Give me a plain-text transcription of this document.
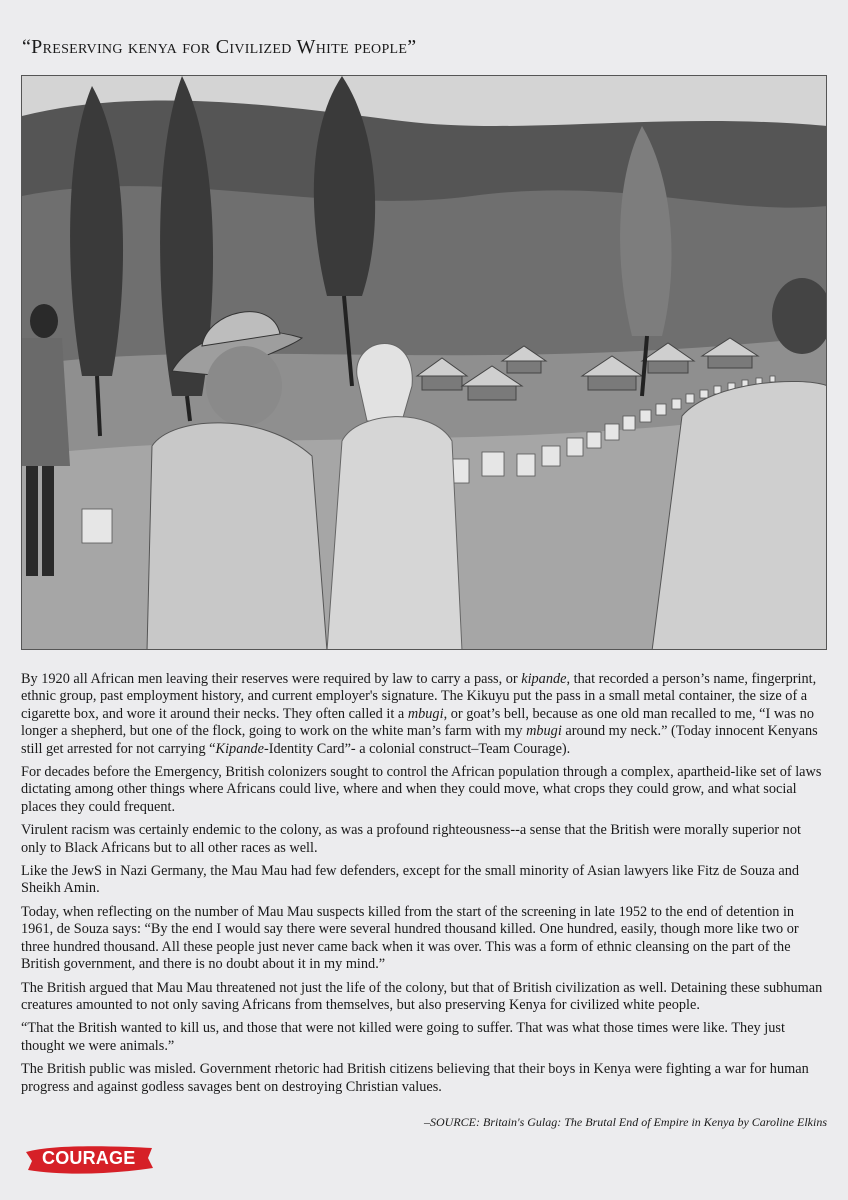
“Preserving kenya for Civilized White people”

By 1920 all African men leaving their reserves were required by law to carry a pass, or kipande, that recorded a person’s name, fingerprint, ethnic group, past employment history, and current employer's signature. The Kikuyu put the pass in a small metal container, the size of a cigarette box, and wore it around their necks. They often called it a mbugi, or goat’s bell, because as one old man recalled to me, “I was no longer a shepherd, but one of the flock, going to work on the white man’s farm with my mbugi around my neck.” (Today innocent Kenyans still get arrested for not carrying “Kipande-Identity Card”- a colonial construct–Team Courage).

For decades before the Emergency, British colonizers sought to control the African population through a complex, apartheid-like set of laws dictating among other things where Africans could live, where and when they could move, what crops they could grow, and what social places they could frequent.

Virulent racism was certainly endemic to the colony, as was a profound righteousness--a sense that the British were morally superior not only to Black Africans but to all other races as well.

Like the JewS in Nazi Germany, the Mau Mau had few defenders, except for the small minority of Asian lawyers like Fitz de Souza and Sheikh Amin.

Today, when reflecting on the number of Mau Mau suspects killed from the start of the screening in late 1952 to the end of detention in 1961, de Souza says: “By the end I would say there were several hundred thousand killed. One hundred, easily, though more like two or three hundred thousand. All these people just never came back when it was over. This was a form of ethnic cleansing on the part of the British government, and there is no doubt about it in my mind.”

The British argued that Mau Mau threatened not just the life of the colony, but that of British civilization as well. Detaining these subhuman creatures amounted to not only saving Africans from themselves, but also preserving Kenya for civilized white people.

“That the British wanted to kill us, and those that were not killed were going to suffer. That was what those times were like. They just thought we were animals.”

The British public was misled. Government rhetoric had British citizens believing that their boys in Kenya were fighting a war for human progress and against godless savages bent on destroying Christian values.

–SOURCE: Britain's Gulag: The Brutal End of Empire in Kenya by Caroline Elkins
COURAGE
